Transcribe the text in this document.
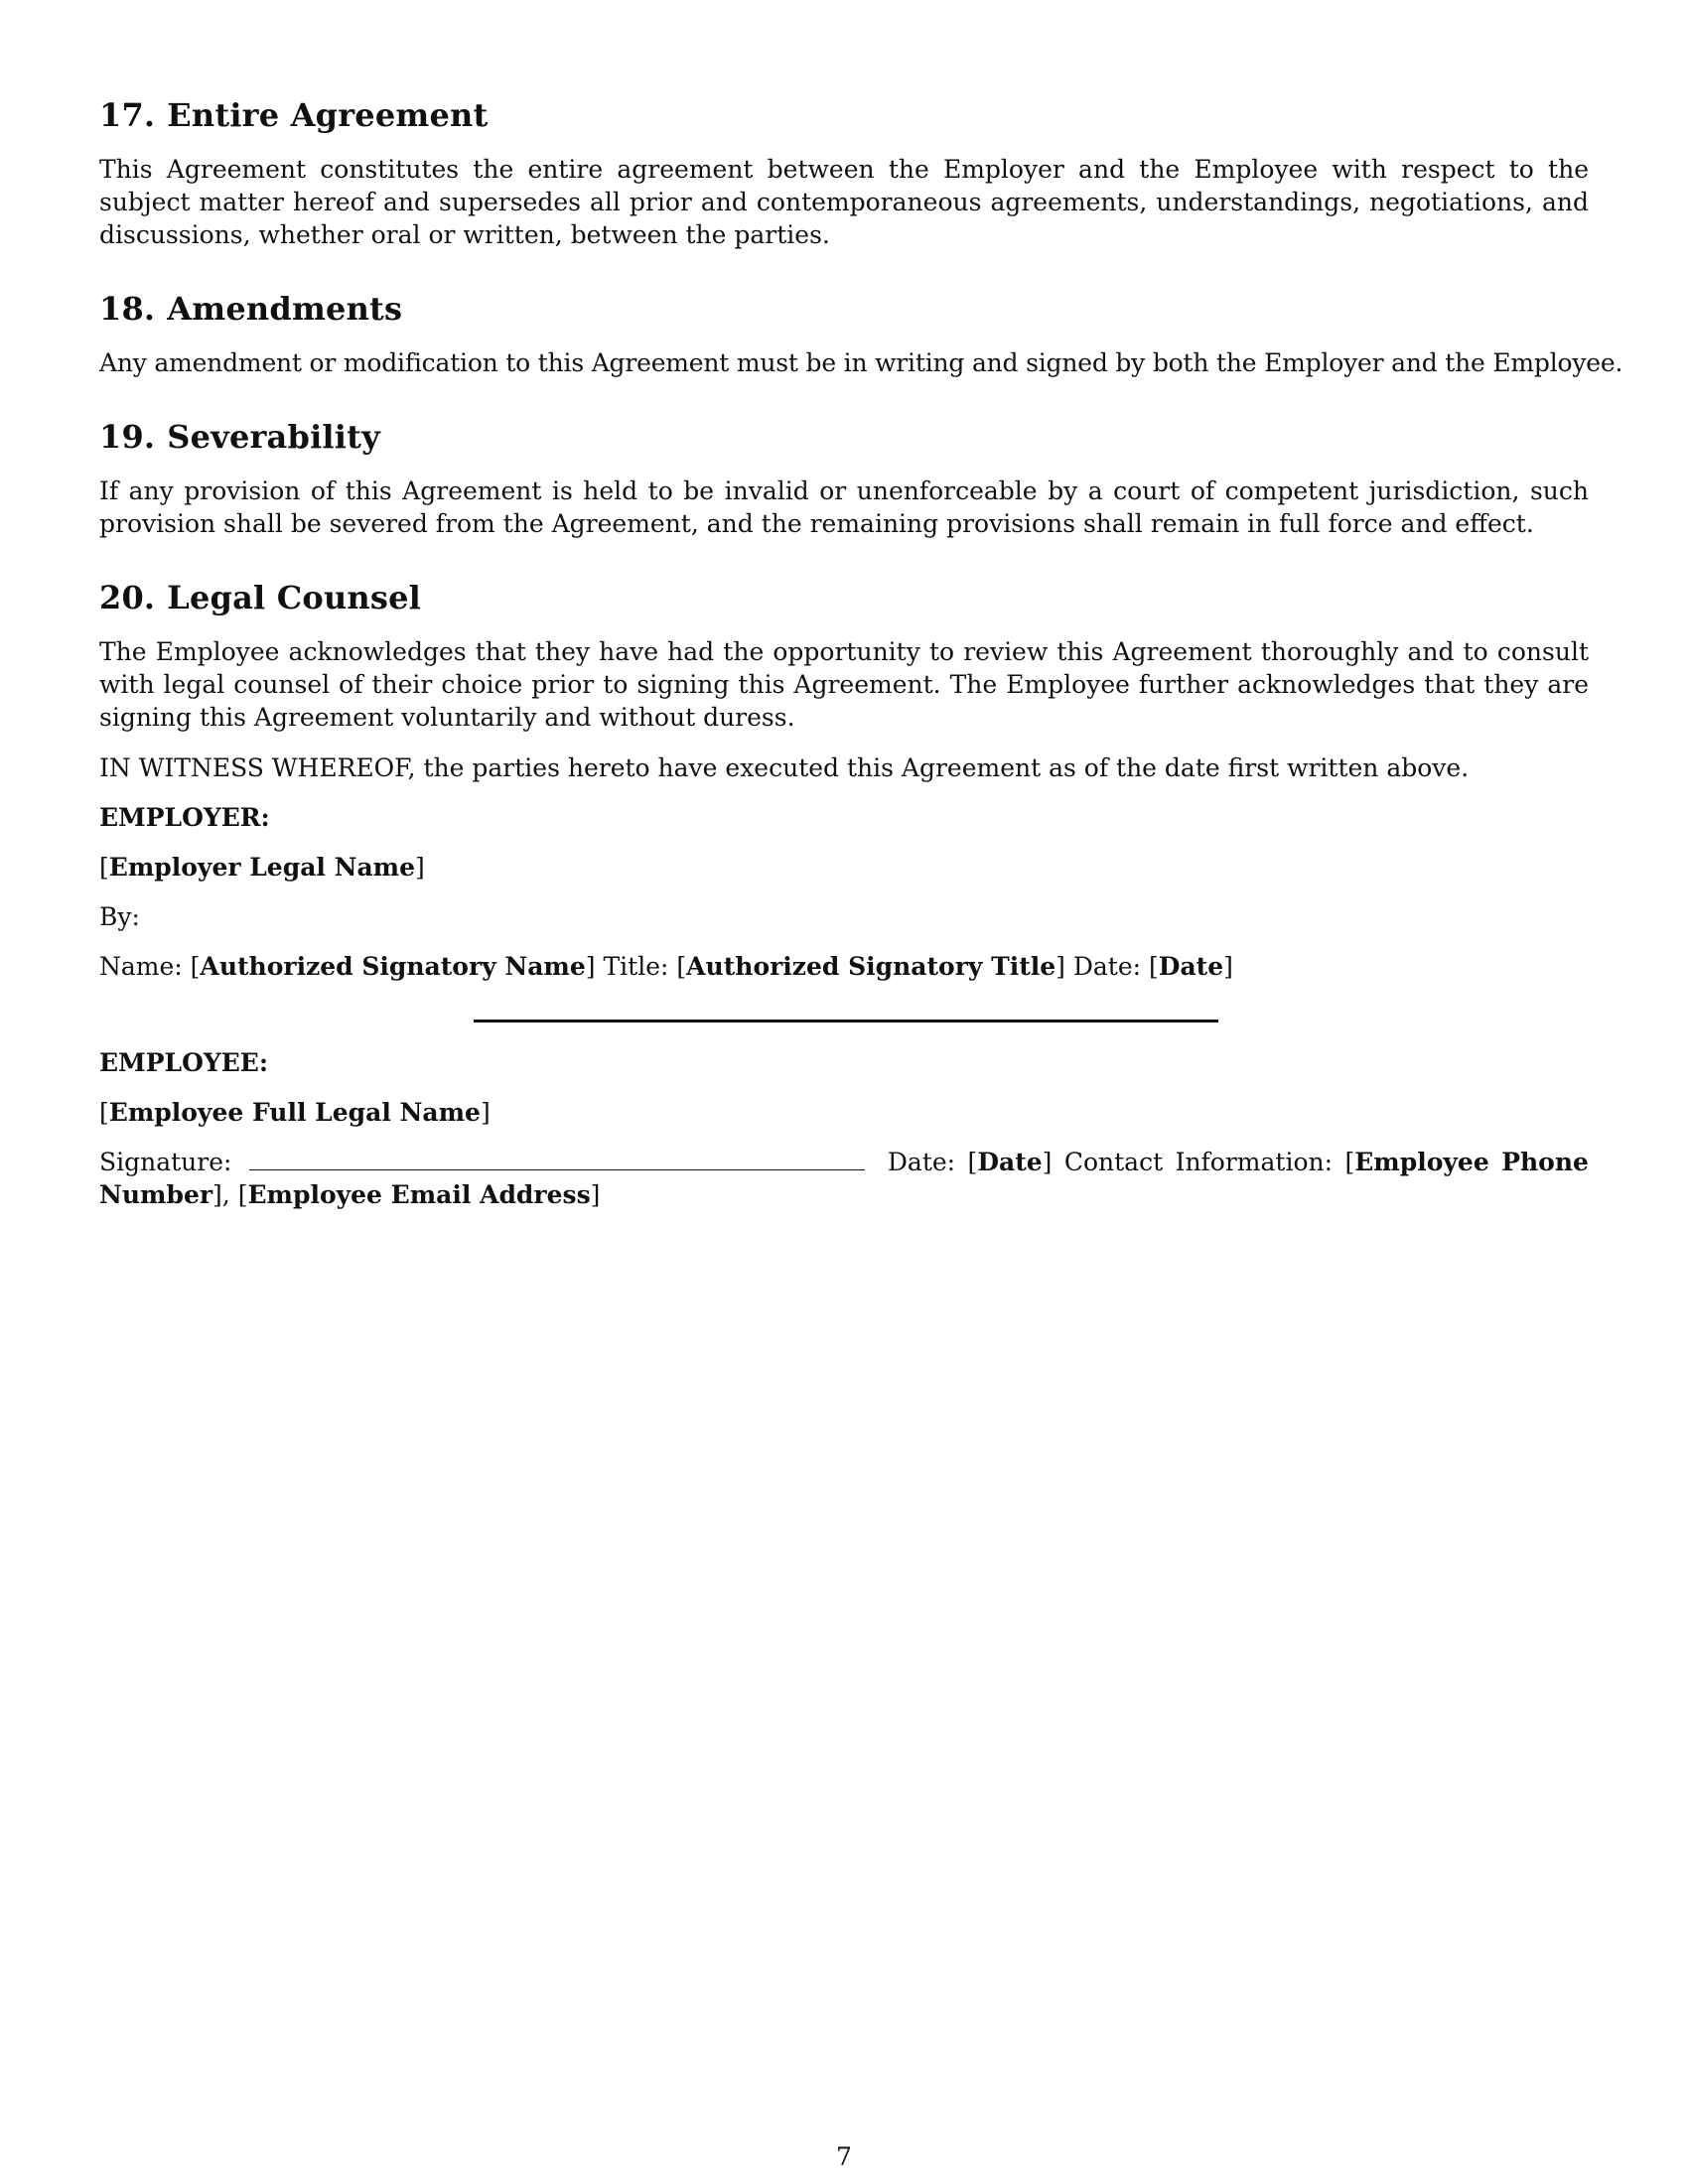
17. Entire Agreement

This Agreement constitutes the entire agreement between the Employer and the Employee with respect to the subject matter hereof and supersedes all prior and contemporaneous agreements, understandings, negotiations, and discussions, whether oral or written, between the parties.

18. Amendments

Any amendment or modification to this Agreement must be in writing and signed by both the Employer and the Employee.

19. Severability

If any provision of this Agreement is held to be invalid or unenforceable by a court of competent jurisdiction, such provision shall be severed from the Agreement, and the remaining provisions shall remain in full force and effect.

20. Legal Counsel

The Employee acknowledges that they have had the opportunity to review this Agreement thoroughly and to consult with legal counsel of their choice prior to signing this Agreement. The Employee further acknowledges that they are signing this Agreement voluntarily and without duress.

IN WITNESS WHEREOF, the parties hereto have executed this Agreement as of the date first written above.

EMPLOYER:

[Employer Legal Name]

By:

Name: [Authorized Signatory Name] Title: [Authorized Signatory Title] Date: [Date]

EMPLOYEE:

[Employee Full Legal Name]

Signature:	Date: [Date] Contact Information: [Employee Phone

Number], [Employee Email Address]

7
